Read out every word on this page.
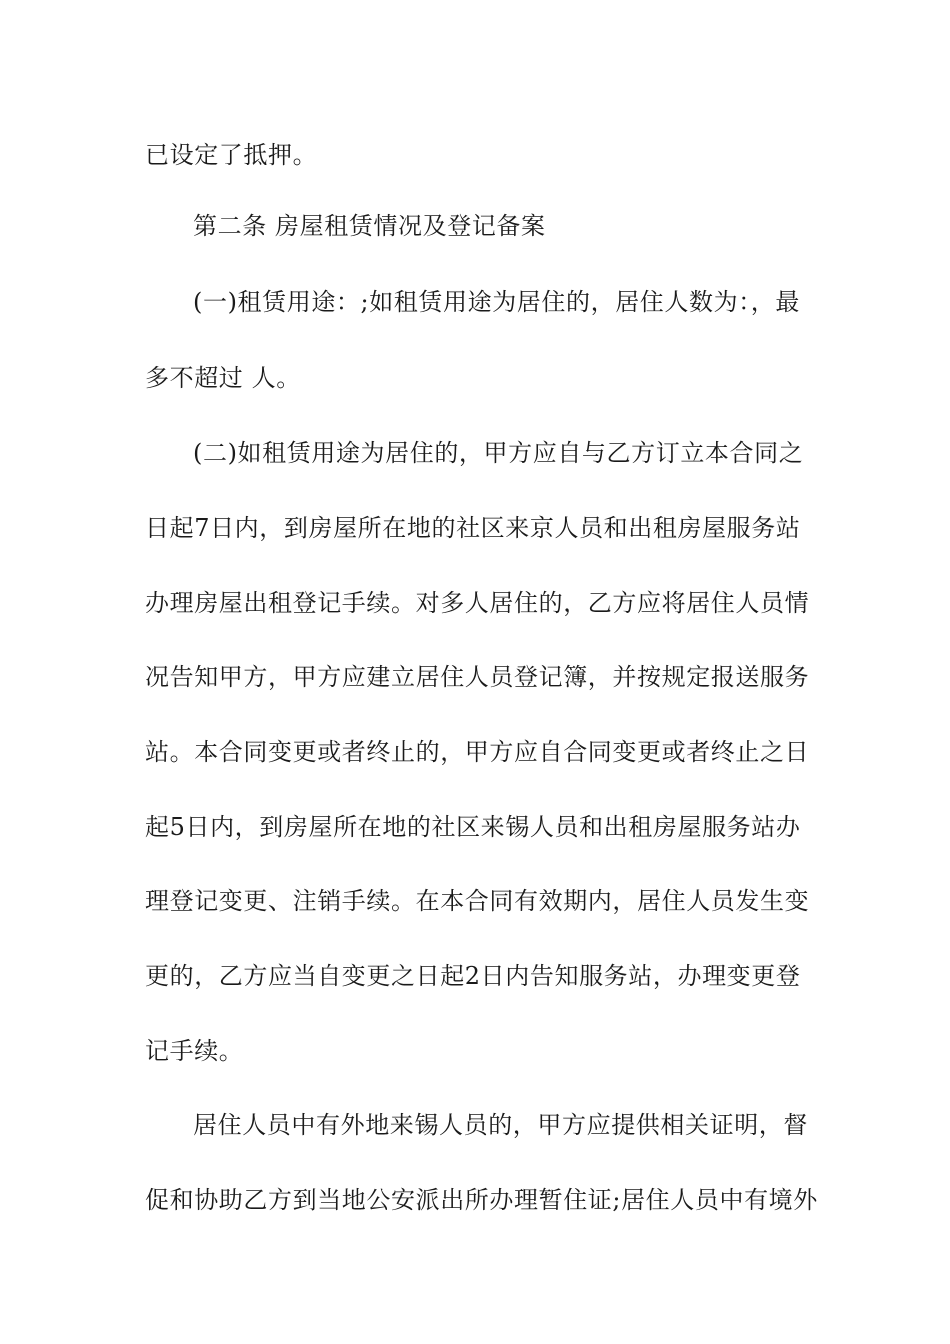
已设定了抵押。
第二条 房屋租赁情况及登记备案
(一)租赁用途：;如租赁用途为居住的，居住人数为：，最
多不超过 人。
(二)如租赁用途为居住的，甲方应自与乙方订立本合同之
日起7日内，到房屋所在地的社区来京人员和出租房屋服务站
办理房屋出租登记手续。对多人居住的，乙方应将居住人员情
况告知甲方，甲方应建立居住人员登记簿，并按规定报送服务
站。本合同变更或者终止的，甲方应自合同变更或者终止之日
起5日内，到房屋所在地的社区来锡人员和出租房屋服务站办
理登记变更、注销手续。在本合同有效期内，居住人员发生变
更的，乙方应当自变更之日起2日内告知服务站，办理变更登
记手续。
居住人员中有外地来锡人员的，甲方应提供相关证明，督
促和协助乙方到当地公安派出所办理暂住证;居住人员中有境外
